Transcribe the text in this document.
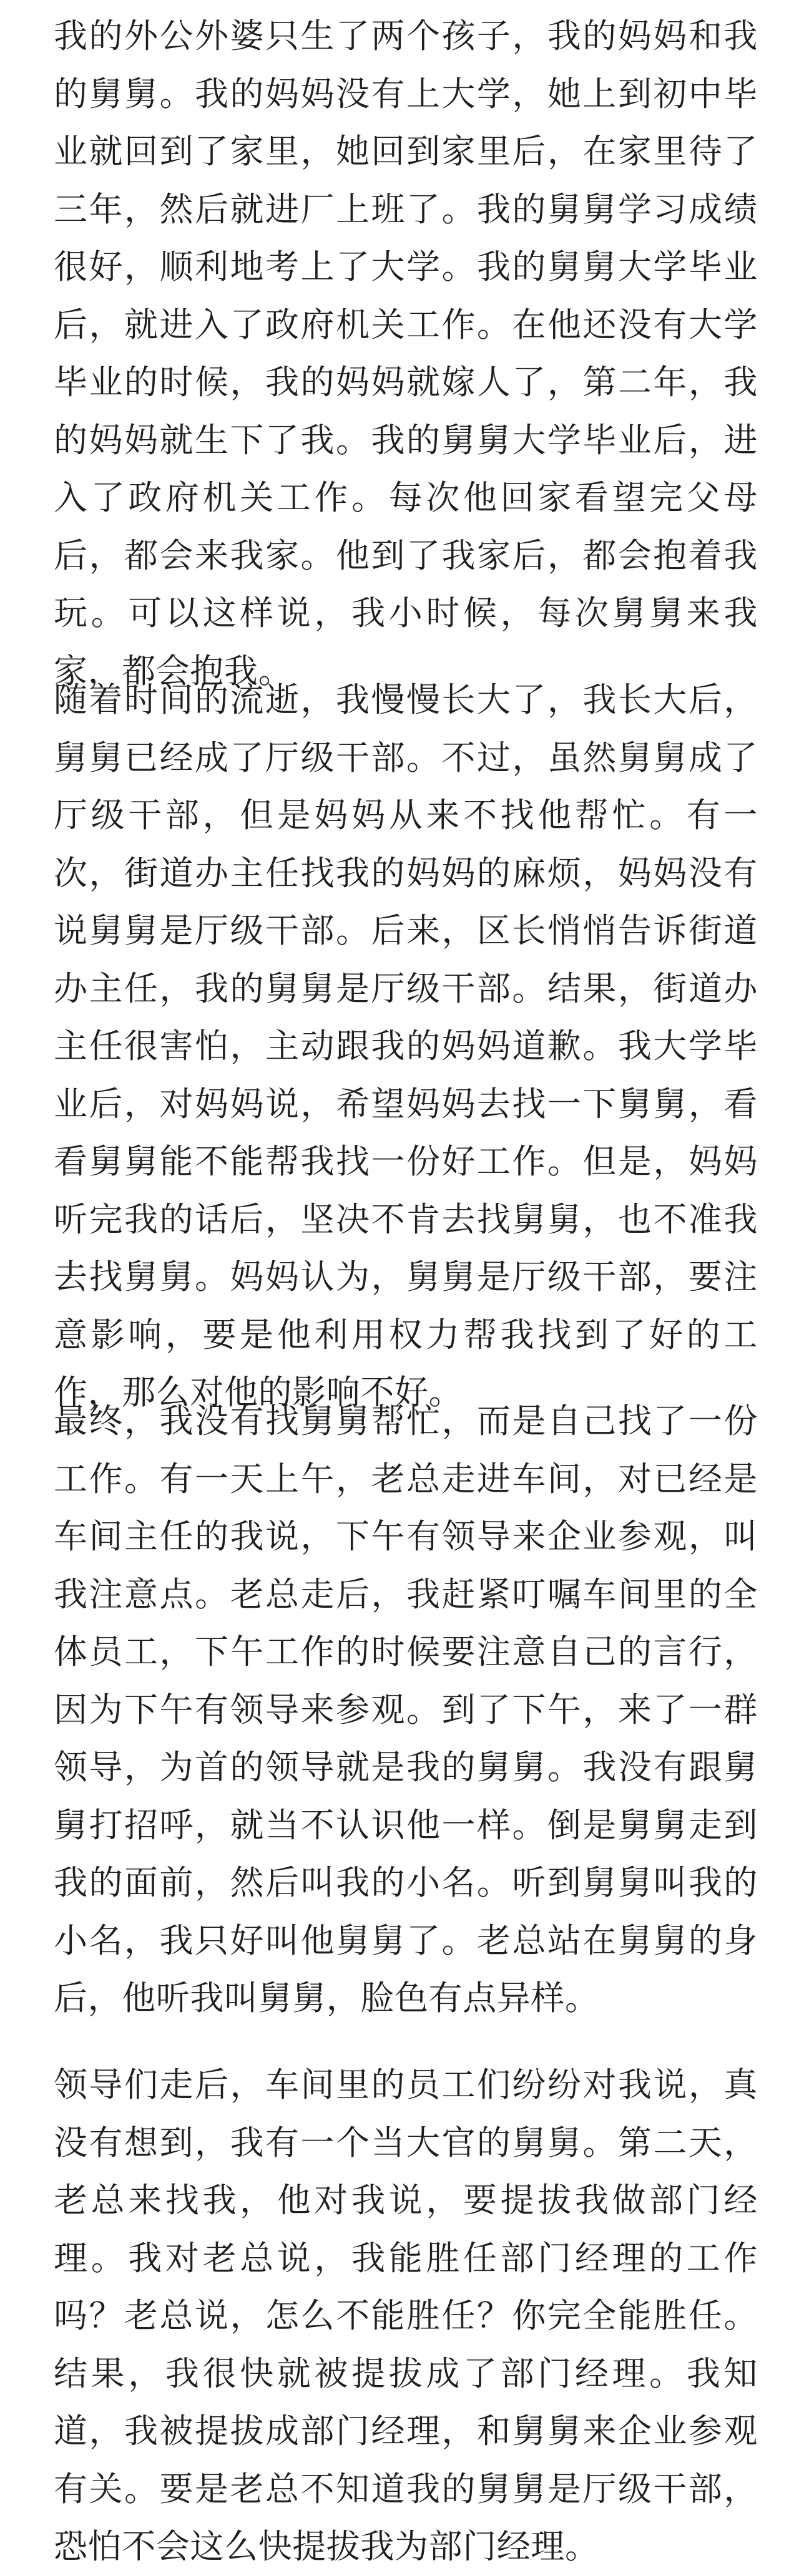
我的外公外婆只生了两个孩子，我的妈妈和我的舅舅。我的妈妈没有上大学，她上到初中毕业就回到了家里，她回到家里后，在家里待了三年，然后就进厂上班了。我的舅舅学习成绩很好，顺利地考上了大学。我的舅舅大学毕业后，就进入了政府机关工作。在他还没有大学毕业的时候，我的妈妈就嫁人了，第二年，我的妈妈就生下了我。我的舅舅大学毕业后，进入了政府机关工作。每次他回家看望完父母后，都会来我家。他到了我家后，都会抱着我玩。可以这样说，我小时候，每次舅舅来我家，都会抱我。

随着时间的流逝，我慢慢长大了，我长大后，舅舅已经成了厅级干部。不过，虽然舅舅成了厅级干部，但是妈妈从来不找他帮忙。有一次，街道办主任找我的妈妈的麻烦，妈妈没有说舅舅是厅级干部。后来，区长悄悄告诉街道办主任，我的舅舅是厅级干部。结果，街道办主任很害怕，主动跟我的妈妈道歉。我大学毕业后，对妈妈说，希望妈妈去找一下舅舅，看看舅舅能不能帮我找一份好工作。但是，妈妈听完我的话后，坚决不肯去找舅舅，也不准我去找舅舅。妈妈认为，舅舅是厅级干部，要注意影响，要是他利用权力帮我找到了好的工作，那么对他的影响不好。

最终，我没有找舅舅帮忙，而是自己找了一份工作。有一天上午，老总走进车间，对已经是车间主任的我说，下午有领导来企业参观，叫我注意点。老总走后，我赶紧叮嘱车间里的全体员工，下午工作的时候要注意自己的言行，因为下午有领导来参观。到了下午，来了一群领导，为首的领导就是我的舅舅。我没有跟舅舅打招呼，就当不认识他一样。倒是舅舅走到我的面前，然后叫我的小名。听到舅舅叫我的小名，我只好叫他舅舅了。老总站在舅舅的身后，他听我叫舅舅，脸色有点异样。

领导们走后，车间里的员工们纷纷对我说，真没有想到，我有一个当大官的舅舅。第二天，老总来找我，他对我说，要提拔我做部门经理。我对老总说，我能胜任部门经理的工作吗？老总说，怎么不能胜任？你完全能胜任。结果，我很快就被提拔成了部门经理。我知道，我被提拔成部门经理，和舅舅来企业参观有关。要是老总不知道我的舅舅是厅级干部，恐怕不会这么快提拔我为部门经理。
